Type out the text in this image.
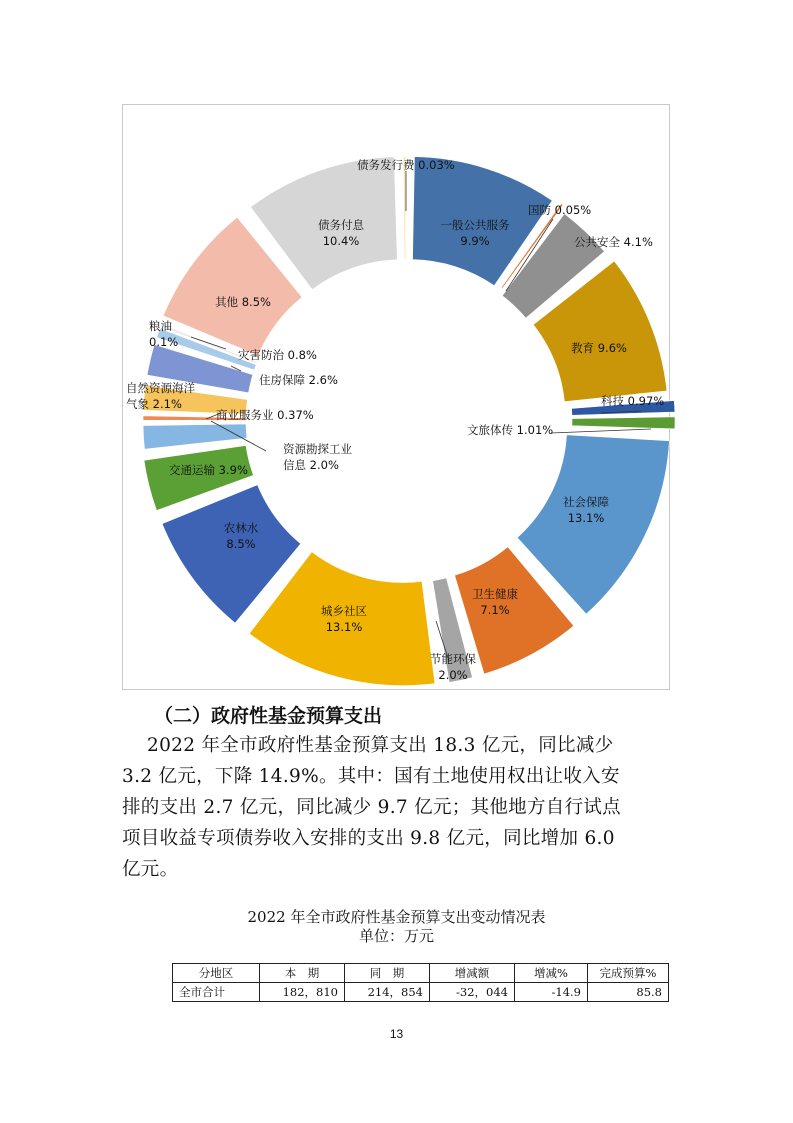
一般公共服务 9.9%
国防 0.05%
公共安全 4.1%
教育 9.6%
科技 0.97%
文旅体传 1.01%
社会保障 13.1%
卫生健康 7.1%
节能环保 2.0%
城乡社区 13.1%
农林水 8.5%
交通运输 3.9%
资源勘探工业信息 2.0%
商业服务业 0.37%
自然资源海洋气象 2.1%
住房保障 2.6%
灾害防治 0.8%
粮油 0.1%
其他 8.5%
债务付息 10.4%
债务发行费 0.03%
（二）政府性基金预算支出
2022 年全市政府性基金预算支出 18.3 亿元，同比减少
3.2 亿元，下降 14.9%。其中：国有土地使用权出让收入安
排的支出 2.7 亿元，同比减少 9.7 亿元；其他地方自行试点
项目收益专项债券收入安排的支出 9.8 亿元，同比增加 6.0
亿元。
2022 年全市政府性基金预算支出变动情况表
单位：万元
分地区	本　期	同　期	增减额	增减%	完成预算%
全市合计	182，810	214，854	-32，044	-14.9	85.8
13
